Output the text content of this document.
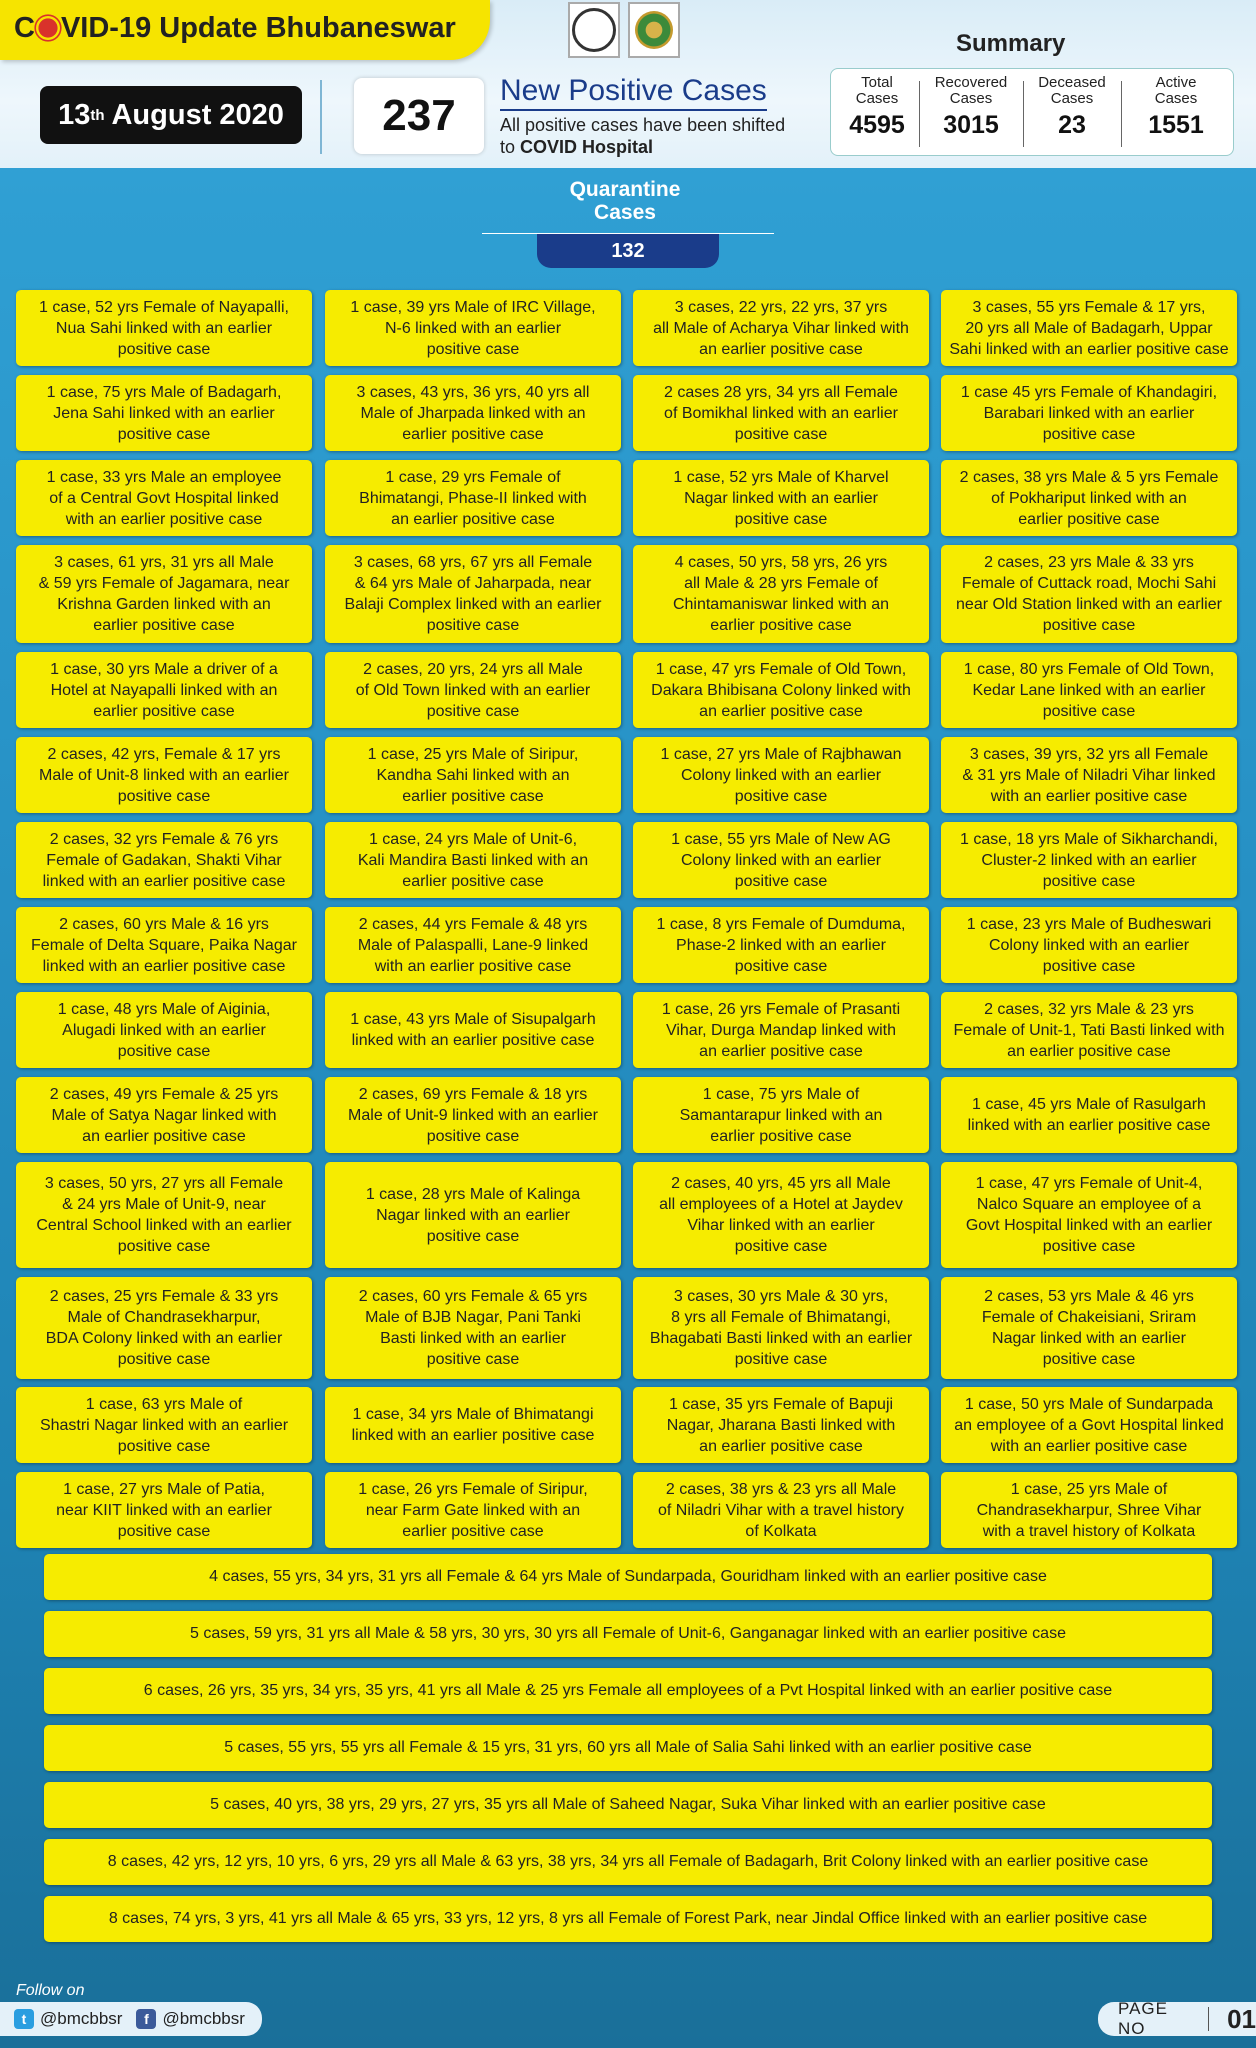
C VID-19 Update Bhubaneswar
13 th August 2020	237
New Positive Cases
All positive cases have been shifted
to COVID Hospital
Summary
Total
Cases
4595
Recovered
Cases
3015
Deceased
Cases
23
Active
Cases
1551
Quarantine
Cases
132
Follow on
t @bmcbbsr	f @bmcbbsr
PAGE NO	01
1 case, 52 yrs Female of Nayapalli,
Nua Sahi linked with an earlier
positive case
1 case, 39 yrs Male of IRC Village,
N-6 linked with an earlier
positive case
3 cases, 22 yrs, 22 yrs, 37 yrs
all Male of Acharya Vihar linked with
an earlier positive case
3 cases, 55 yrs Female & 17 yrs,
20 yrs all Male of Badagarh, Uppar
Sahi linked with an earlier positive case
1 case, 75 yrs Male of Badagarh,
Jena Sahi linked with an earlier
positive case
3 cases, 43 yrs, 36 yrs, 40 yrs all
Male of Jharpada linked with an
earlier positive case
2 cases 28 yrs, 34 yrs all Female
of Bomikhal linked with an earlier
positive case
1 case 45 yrs Female of Khandagiri,
Barabari linked with an earlier
positive case
1 case, 33 yrs Male an employee
of a Central Govt Hospital linked
with an earlier positive case
1 case, 29 yrs Female of
Bhimatangi, Phase-II linked with
an earlier positive case
1 case, 52 yrs Male of Kharvel
Nagar linked with an earlier
positive case
2 cases, 38 yrs Male & 5 yrs Female
of Pokhariput linked with an
earlier positive case
3 cases, 61 yrs, 31 yrs all Male
& 59 yrs Female of Jagamara, near
Krishna Garden linked with an
earlier positive case
3 cases, 68 yrs, 67 yrs all Female
& 64 yrs Male of Jaharpada, near
Balaji Complex linked with an earlier
positive case
4 cases, 50 yrs, 58 yrs, 26 yrs
all Male & 28 yrs Female of
Chintamaniswar linked with an
earlier positive case
2 cases, 23 yrs Male & 33 yrs
Female of Cuttack road, Mochi Sahi
near Old Station linked with an earlier
positive case
1 case, 30 yrs Male a driver of a
Hotel at Nayapalli linked with an
earlier positive case
2 cases, 20 yrs, 24 yrs all Male
of Old Town linked with an earlier
positive case
1 case, 47 yrs Female of Old Town,
Dakara Bhibisana Colony linked with
an earlier positive case
1 case, 80 yrs Female of Old Town,
Kedar Lane linked with an earlier
positive case
2 cases, 42 yrs, Female & 17 yrs
Male of Unit-8 linked with an earlier
positive case
1 case, 25 yrs Male of Siripur,
Kandha Sahi linked with an
earlier positive case
1 case, 27 yrs Male of Rajbhawan
Colony linked with an earlier
positive case
3 cases, 39 yrs, 32 yrs all Female
& 31 yrs Male of Niladri Vihar linked
with an earlier positive case
2 cases, 32 yrs Female & 76 yrs
Female of Gadakan, Shakti Vihar
linked with an earlier positive case
1 case, 24 yrs Male of Unit-6,
Kali Mandira Basti linked with an
earlier positive case
1 case, 55 yrs Male of New AG
Colony linked with an earlier
positive case
1 case, 18 yrs Male of Sikharchandi,
Cluster-2 linked with an earlier
positive case
2 cases, 60 yrs Male & 16 yrs
Female of Delta Square, Paika Nagar
linked with an earlier positive case
2 cases, 44 yrs Female & 48 yrs
Male of Palaspalli, Lane-9 linked
with an earlier positive case
1 case, 8 yrs Female of Dumduma,
Phase-2 linked with an earlier
positive case
1 case, 23 yrs Male of Budheswari
Colony linked with an earlier
positive case
1 case, 48 yrs Male of Aiginia,
Alugadi linked with an earlier
positive case
1 case, 43 yrs Male of Sisupalgarh
linked with an earlier positive case
1 case, 26 yrs Female of Prasanti
Vihar, Durga Mandap linked with
an earlier positive case
2 cases, 32 yrs Male & 23 yrs
Female of Unit-1, Tati Basti linked with
an earlier positive case
2 cases, 49 yrs Female & 25 yrs
Male of Satya Nagar linked with
an earlier positive case
2 cases, 69 yrs Female & 18 yrs
Male of Unit-9 linked with an earlier
positive case
1 case, 75 yrs Male of
Samantarapur linked with an
earlier positive case
1 case, 45 yrs Male of Rasulgarh
linked with an earlier positive case
3 cases, 50 yrs, 27 yrs all Female
& 24 yrs Male of Unit-9, near
Central School linked with an earlier
positive case
1 case, 28 yrs Male of Kalinga
Nagar linked with an earlier
positive case
2 cases, 40 yrs, 45 yrs all Male
all employees of a Hotel at Jaydev
Vihar linked with an earlier
positive case
1 case, 47 yrs Female of Unit-4,
Nalco Square an employee of a
Govt Hospital linked with an earlier
positive case
2 cases, 25 yrs Female & 33 yrs
Male of Chandrasekharpur,
BDA Colony linked with an earlier
positive case
2 cases, 60 yrs Female & 65 yrs
Male of BJB Nagar, Pani Tanki
Basti linked with an earlier
positive case
3 cases, 30 yrs Male & 30 yrs,
8 yrs all Female of Bhimatangi,
Bhagabati Basti linked with an earlier
positive case
2 cases, 53 yrs Male & 46 yrs
Female of Chakeisiani, Sriram
Nagar linked with an earlier
positive case
1 case, 63 yrs Male of
Shastri Nagar linked with an earlier
positive case
1 case, 34 yrs Male of Bhimatangi
linked with an earlier positive case
1 case, 35 yrs Female of Bapuji
Nagar, Jharana Basti linked with
an earlier positive case
1 case, 50 yrs Male of Sundarpada
an employee of a Govt Hospital linked
with an earlier positive case
1 case, 27 yrs Male of Patia,
near KIIT linked with an earlier
positive case
1 case, 26 yrs Female of Siripur,
near Farm Gate linked with an
earlier positive case
2 cases, 38 yrs & 23 yrs all Male
of Niladri Vihar with a travel history
of Kolkata
1 case, 25 yrs Male of
Chandrasekharpur, Shree Vihar
with a travel history of Kolkata
4 cases, 55 yrs, 34 yrs, 31 yrs all Female & 64 yrs Male of Sundarpada, Gouridham linked with an earlier positive case
5 cases, 59 yrs, 31 yrs all Male & 58 yrs, 30 yrs, 30 yrs all Female of Unit-6, Ganganagar linked with an earlier positive case
6 cases, 26 yrs, 35 yrs, 34 yrs, 35 yrs, 41 yrs all Male & 25 yrs Female all employees of a Pvt Hospital linked with an earlier positive case
5 cases, 55 yrs, 55 yrs all Female & 15 yrs, 31 yrs, 60 yrs all Male of Salia Sahi linked with an earlier positive case
5 cases, 40 yrs, 38 yrs, 29 yrs, 27 yrs, 35 yrs all Male of Saheed Nagar, Suka Vihar linked with an earlier positive case
8 cases, 42 yrs, 12 yrs, 10 yrs, 6 yrs, 29 yrs all Male & 63 yrs, 38 yrs, 34 yrs all Female of Badagarh, Brit Colony linked with an earlier positive case
8 cases, 74 yrs, 3 yrs, 41 yrs all Male & 65 yrs, 33 yrs, 12 yrs, 8 yrs all Female of Forest Park, near Jindal Office linked with an earlier positive case
